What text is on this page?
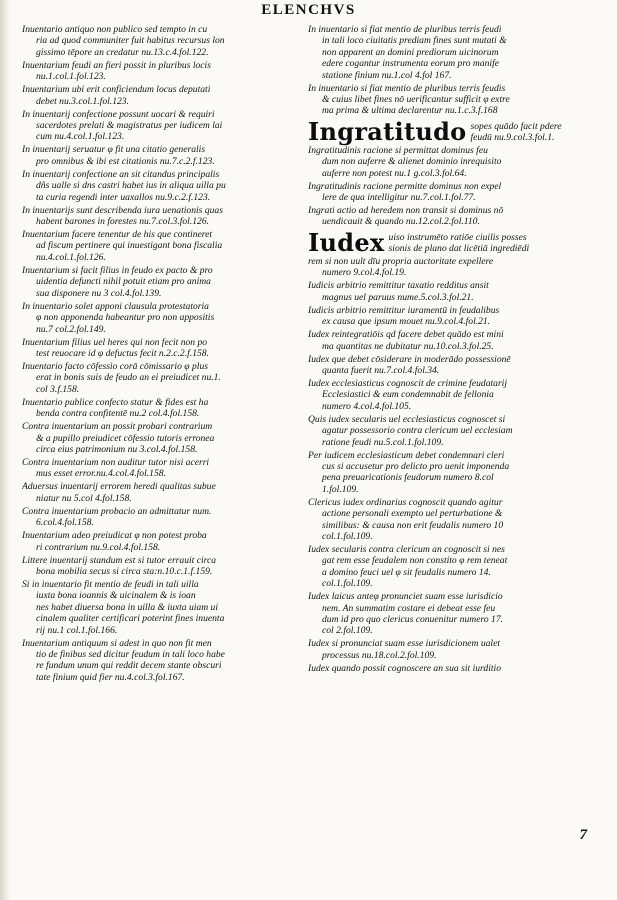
ELENCHVS
Inuentario antiquo non publico sed tempto in cu
ria ad quod communiter fuit habitus recursus lon
gissimo tēpore an credatur nu.13.c.4.fol.122.
Inuentarium feudi an fieri possit in pluribus locis
nu.1.col.1.fol.123.
Inuentarium ubi erit conficiendum locus deputati
debet nu.3.col.1.fol.123.
In inuentarij confectione possunt uocari & requiri
sacerdotes prelati & magistratus per iudicem lai
cum nu.4.col.1.fol.123.
In inuentarij seruatur φ fit una citatio generalis
pro omnibus & ibi est citationis nu.7.c.2.f.123.
In inuentarij confectione an sit citandus principalis
dñs ualle si dns castri habet ius in aliqua uilla pu
ta curia regendi inter uaxallos nu.9.c.2.f.123.
In inuentarijs sunt describenda iura uenationis quas
habent barones in forestes nu.7.col.3.fol.126.
Inuentarium facere tenentur de his que contineret
ad fiscum pertinere qui inuestigant bona fiscalia
nu.4.col.1.fol.126.
Inuentarium si facit filius in feudo ex pacto & pro
uidentia defuncti nihil potuit etiam pro anima
sua disponere nu 3 col.4.fol.139.
In inuentario solet apponi clausula protestatoria
φ non apponenda habeantur pro non appositis
nu.7 col.2.fol.149.
Inuentarium filius uel heres qui non fecit non po
test reuocare id φ defuctus fecit n.2.c.2.f.158.
Inuentario facto cōfessio corā cōmissario φ plus
erat in bonis suis de feudo an ei preiudicet nu.1.
col 3.f.158.
Inuentario publice confecto statur & fides est ha
benda contra confitentē nu.2 col.4.fol.158.
Contra inuentarium an possit probari contrarium
& a pupillo preiudicet cōfessio tutoris erronea
circa eius patrimonium nu 3.col.4.fol.158.
Contra inuentarium non auditur tutor nisi acerri
mus esset error.nu.4.col.4.fol.158.
Aduersus inuentarij errorem heredi qualitas subue
niatur nu 5.col 4.fol.158.
Contra inuentarium probacio an admittatur num.
6.col.4.fol.158.
Inuentarium adeo preiudicat φ non potest proba
ri contrarium nu.9.col.4.fol.158.
Littere inuentarij standum est si tutor errauit circa
bona mobilia secus si circa sta:n.10.c.1.f.159.
Si in inuentario fit mentio de feudi in tali uilla
iuxta bona ioannis & uicinalem & is ioan
nes habet diuersa bona in uilla & iuxta uiam ui
cinalem qualiter certificari poterint fines inuenta
rij nu.1 col.1.fol.166.
Inuentarium antiquum si adest in quo non fit men
tio de finibus sed dicitur feudum in tali loco habe
re fundum unum qui reddit decem stante obscuri
tate finium quid fier nu.4.col.3.fol.167.
In inuentario si fiat mentio de pluribus terris feudi
in tali loco ciuitatis prediam fines sunt mutati &
non apparent an domini prediorum uicinorum
edere cogantur instrumenta eorum pro manife
statione finium nu.1.col 4.fol 167.
In inuentario si fiat mentio de pluribus terris feudis
& cuius libet fines nō uerificantur sufficit φ extre
ma prima & ultima declarentur nu.1.c.3.f.168
Ingratitudo sopes quādo facit pdere
feudū nu.9.col.3.fol.1.
Ingratitudinis racione si permittat dominus feu
dum non auferre & alienet dominio inrequisito
auferre non potest nu.1 g.col.3.fol.64.
Ingratitudinis racione permitte dominus non expel
lere de qua intelligitur nu.7.col.1.fol.77.
Ingrati actio ad heredem non transit si dominus nō
uendicauit & quando nu.12.col.2.fol.110.
Iudex uiso instrumēto ratiōe ciuilis posses
sionis de plano dat licētiā ingrediēdi
rem si non uult dīu propria auctoritate expellere
numero 9.col.4.fol.19.
Iudicis arbitrio remittitur taxatio redditus ansit
magnus uel paruus nume.5.col.3.fol.21.
Iudicis arbitrio remittitur iuramentū in feudalibus
ex causa que ipsum mouet nu.9.col.4.fol.21.
Iudex reintegratiōis qd facere debet quādo est mini
ma quantitas ne dubitatur nu.10.col.3.fol.25.
Iudex que debet cōsiderare in moderādo possessionē
quanta fuerit nu.7.col.4.fol.34.
Iudex ecclesiasticus cognoscit de crimine feudatarij
Ecclesiastici & eum condemnabit de fellonia
numero 4.col.4.fol.105.
Quis iudex secularis uel ecclesiasticus cognoscet si
agatur possessorio contra clericum uel ecclesiam
ratione feudi nu.5.col.1.fol.109.
Per iudicem ecclesiasticum debet condemnari cleri
cus si accusetur pro delicto pro uenit imponenda
pena preuaricationis feudorum numero 8.col
1.fol.109.
Clericus iudex ordinarius cognoscit quando agitur
actione personali exempto uel perturbatione &
similibus: & causa non erit feudalis numero 10
col.1.fol.109.
Iudex secularis contra clericum an cognoscit si nes
gat rem esse feudalem non constito φ rem teneat
a domino feuci uel φ sit feudalis numero 14.
col.1.fol.109.
Iudex laicus anteφ pronunciet suam esse iurisdicio
nem. An summatim costare ei debeat esse feu
dum id pro quo clericus conuenitur numero 17.
col 2.fol.109.
Iudex si pronunciat suam esse iurisdicionem ualet
processus nu.18.col.2.fol.109.
Iudex quando possit cognoscere an sua sit iurditio
7
